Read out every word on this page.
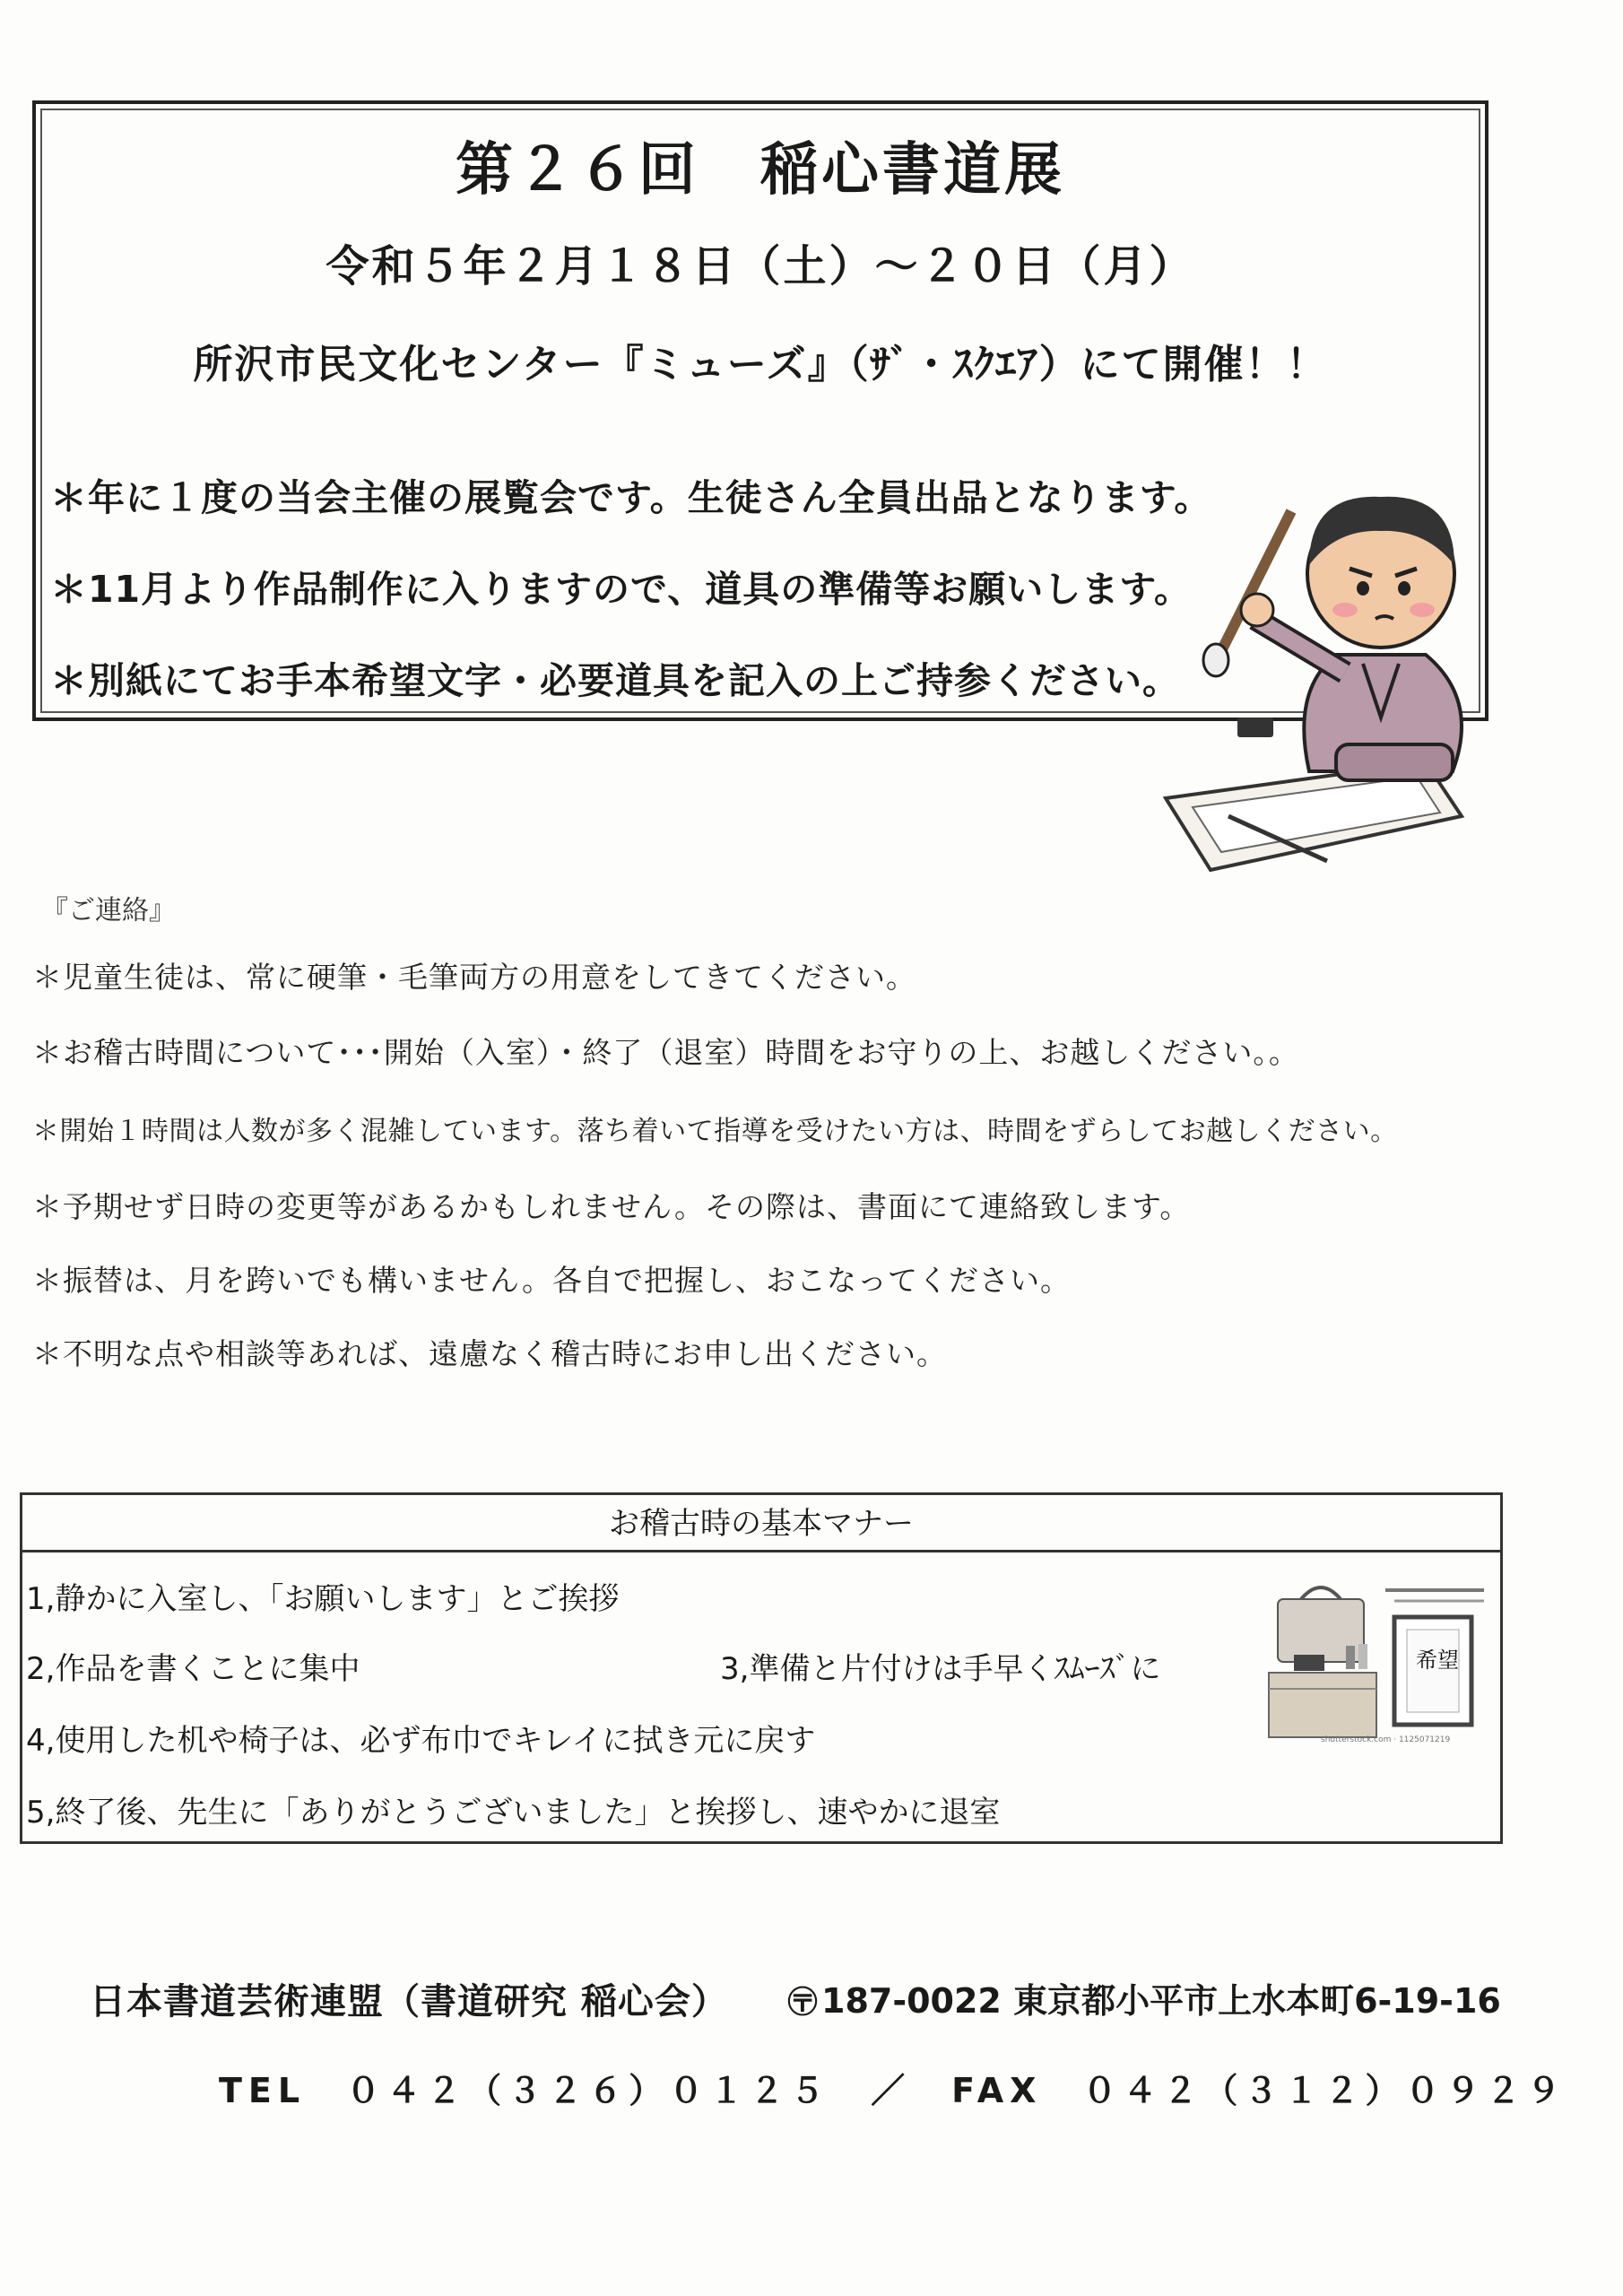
第２６回　稲心書道展
令和５年２月１８日（土）～２０日（月）
所沢市民文化センター『ミューズ』（ｻﾞ・ｽｸｴｱ）にて開催！！
＊年に１度の当会主催の展覧会です。生徒さん全員出品となります。
＊11月より作品制作に入りますので、道具の準備等お願いします。
＊別紙にてお手本希望文字・必要道具を記入の上ご持参ください。
『ご連絡』
＊児童生徒は、常に硬筆・毛筆両方の用意をしてきてください。
＊お稽古時間について･･･開始（入室）・終了（退室）時間をお守りの上、お越しください。。
＊開始１時間は人数が多く混雑しています。落ち着いて指導を受けたい方は、時間をずらしてお越しください。
＊予期せず日時の変更等があるかもしれません。その際は、書面にて連絡致します。
＊振替は、月を跨いでも構いません。各自で把握し、おこなってください。
＊不明な点や相談等あれば、遠慮なく稽古時にお申し出ください。
お稽古時の基本マナー
1,静かに入室し、「お願いします」とご挨拶
2,作品を書くことに集中	3,準備と片付けは手早くｽﾑｰｽﾞに
4,使用した机や椅子は、必ず布巾でキレイに拭き元に戻す
5,終了後、先生に「ありがとうございました」と挨拶し、速やかに退室
希望
shutterstock.com · 1125071219
日本書道芸術連盟（書道研究 稲心会） 〶 187-0022 東京都小平市上水本町6-19-16
TEL　０４２（３２６）０１２５　／　FAX　０４２（３１２）０９２９
